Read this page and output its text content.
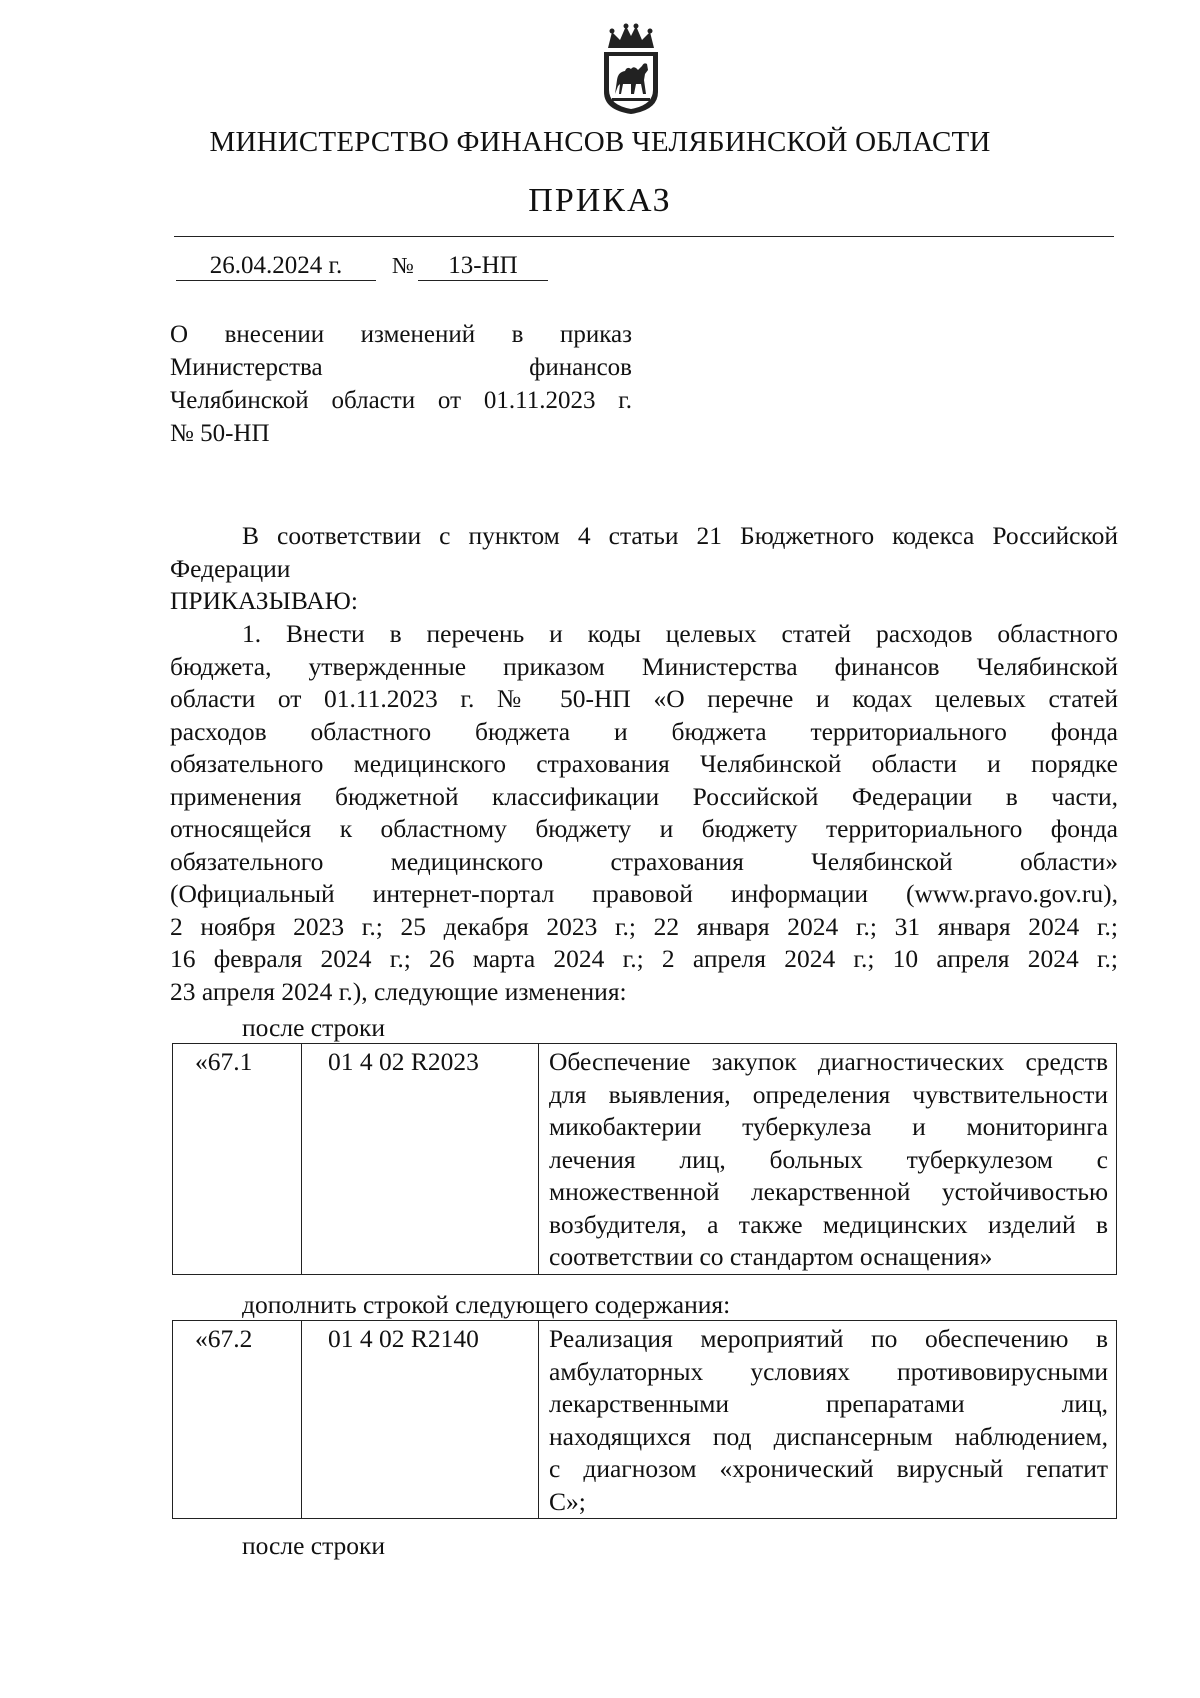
МИНИСТЕРСТВО ФИНАНСОВ ЧЕЛЯБИНСКОЙ ОБЛАСТИ
ПРИКАЗ
26.04.2024 г.	№	13-НП
О внесении изменений в приказ
Министерства финансов
Челябинской области от 01.11.2023 г.
№ 50-НП
В соответствии с пунктом 4 статьи 21 Бюджетного кодекса Российской
Федерации
ПРИКАЗЫВАЮ:
1. Внести в перечень и коды целевых статей расходов областного
бюджета, утвержденные приказом Министерства финансов Челябинской
области от 01.11.2023 г. № 50-НП «О перечне и кодах целевых статей
расходов областного бюджета и бюджета территориального фонда
обязательного медицинского страхования Челябинской области и порядке
применения бюджетной классификации Российской Федерации в части,
относящейся к областному бюджету и бюджету территориального фонда
обязательного медицинского страхования Челябинской области»
(Официальный интернет-портал правовой информации (www.pravo.gov.ru),
2 ноября 2023 г.; 25 декабря 2023 г.; 22 января 2024 г.; 31 января 2024 г.;
16 февраля 2024 г.; 26 марта 2024 г.; 2 апреля 2024 г.; 10 апреля 2024 г.;
23 апреля 2024 г.), следующие изменения:
после строки
«67.1	01 4 02 R2023	Обеспечение закупок диагностических средств
для выявления, определения чувствительности
микобактерии туберкулеза и мониторинга
лечения лиц, больных туберкулезом с
множественной лекарственной устойчивостью
возбудителя, а также медицинских изделий в
соответствии со стандартом оснащения»
дополнить строкой следующего содержания:
«67.2	01 4 02 R2140	Реализация мероприятий по обеспечению в
амбулаторных условиях противовирусными
лекарственными препаратами лиц,
находящихся под диспансерным наблюдением,
с диагнозом «хронический вирусный гепатит
С»;
после строки
